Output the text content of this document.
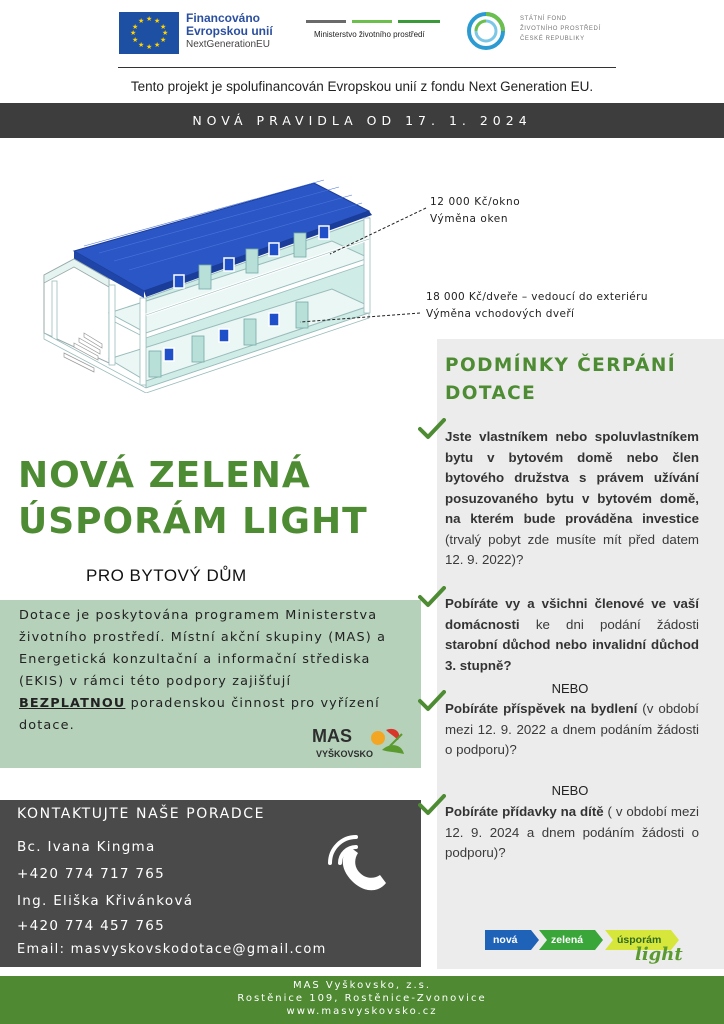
★ ★
★
★
★
★
★
★
★
★
★
★	Financováno
Evropskou unií
NextGenerationEU
Ministerstvo životního prostředí
STÁTNÍ FOND
ŽIVOTNÍHO PROSTŘEDÍ
ČESKÉ REPUBLIKY
Tento projekt je spolufinancován Evropskou unií z fondu Next Generation EU.
NOVÁ PRAVIDLA OD 17. 1. 2024
12 000 Kč/okno
Výměna oken
18 000 Kč/dveře – vedoucí do exteriéru
Výměna vchodových dveří
NOVÁ ZELENÁ
ÚSPORÁM LIGHT
PRO BYTOVÝ DŮM
Dotace je poskytována programem Ministerstva životního prostředí. Místní akční skupiny (MAS) a Energetická konzultační a informační střediska (EKIS) v rámci této podpory zajišťují BEZPLATNOU poradenskou činnost pro vyřízení dotace.
MAS
VYŠKOVSKO
KONTAKTUJTE NAŠE PORADCE
Bc. Ivana Kingma
+420 774 717 765
Ing. Eliška Křivánková
+420 774 457 765
Email: masvyskovskodotace@gmail.com
PODMÍNKY ČERPÁNÍ
DOTACE
Jste vlastníkem nebo spoluvlastníkem bytu v bytovém domě nebo člen bytového družstva s právem užívání posuzovaného bytu v bytovém domě, na kterém bude prováděna investice (trvalý pobyt zde musíte mít před datem 12. 9. 2022)?
Pobíráte vy a všichni členové ve vaší domácnosti ke dni podání žádosti starobní důchod nebo invalidní důchod 3. stupně?
NEBO
Pobíráte příspěvek na bydlení (v období mezi 12. 9. 2022 a dnem podáním žádosti o podporu)?
NEBO
Pobíráte přídavky na dítě ( v období mezi 12. 9. 2024 a dnem podáním žádosti o podporu)?
nová	zelená	úsporám
light
MAS Vyškovsko, z.s.
Rostěnice 109, Rostěnice-Zvonovice
www.masvyskovsko.cz
